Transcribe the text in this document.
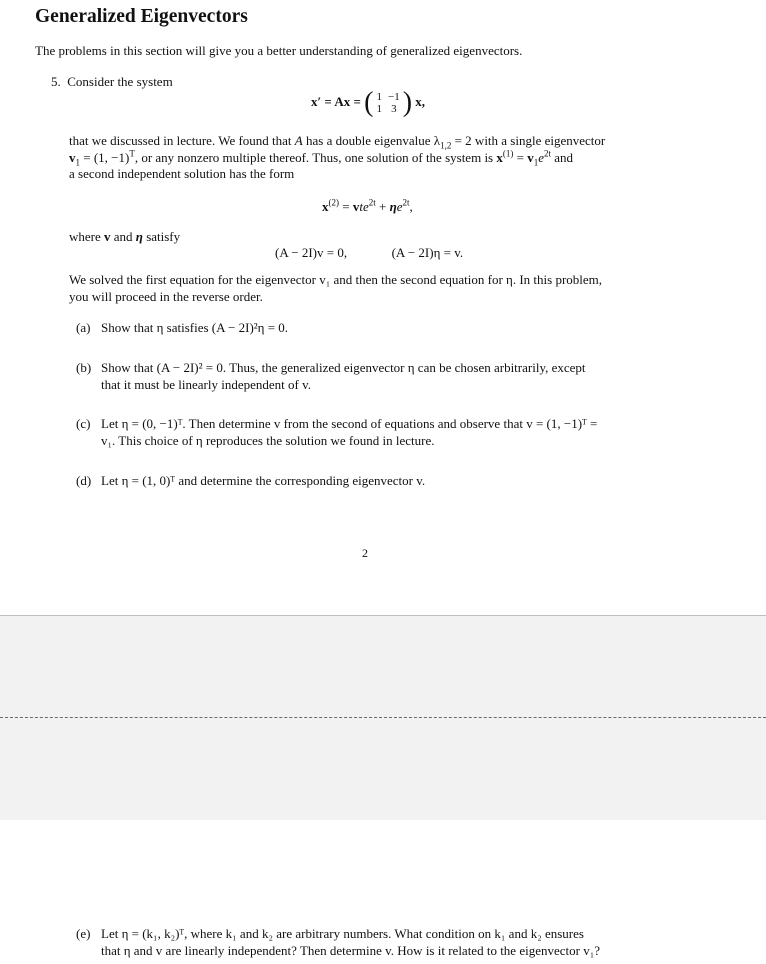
Generalized Eigenvectors
The problems in this section will give you a better understanding of generalized eigenvectors.
5. Consider the system
x′ = Ax = ( 1	−1
1	3 ) x,
that we discussed in lecture. We found that A has a double eigenvalue $\lambda_{1,2} = 2$ with a single eigenvector
$v_1 = (1$, −1)$^T$, or any nonzero multiple thereof. Thus, one solution of the system is $x^{(1)} = v_1e^{2t}$ and
a second independent solution has the form
$x^{(2)} = vte^{2t} + \eta e^{2t}$,
where v and η satisfy
(A − 2I)v = 0,	(A − 2I)η = v.
We solved the first equation for the eigenvector v₁ and then the second equation for η. In this problem,
you will proceed in the reverse order.
(a) Show that η satisfies (A − 2I)²η = 0.
(b) Show that (A − 2I)² = 0. Thus, the generalized eigenvector η can be chosen arbitrarily, except
that it must be linearly independent of v.
(c) Let η = (0, −1)ᵀ. Then determine v from the second of equations and observe that v = (1, −1)ᵀ =
v₁. This choice of η reproduces the solution we found in lecture.
(d) Let η = (1, 0)ᵀ and determine the corresponding eigenvector v.
2
(e) Let η = (k₁, k₂)ᵀ, where k₁ and k₂ are arbitrary numbers. What condition on k₁ and k₂ ensures
that η and v are linearly independent? Then determine v. How is it related to the eigenvector v₁?
